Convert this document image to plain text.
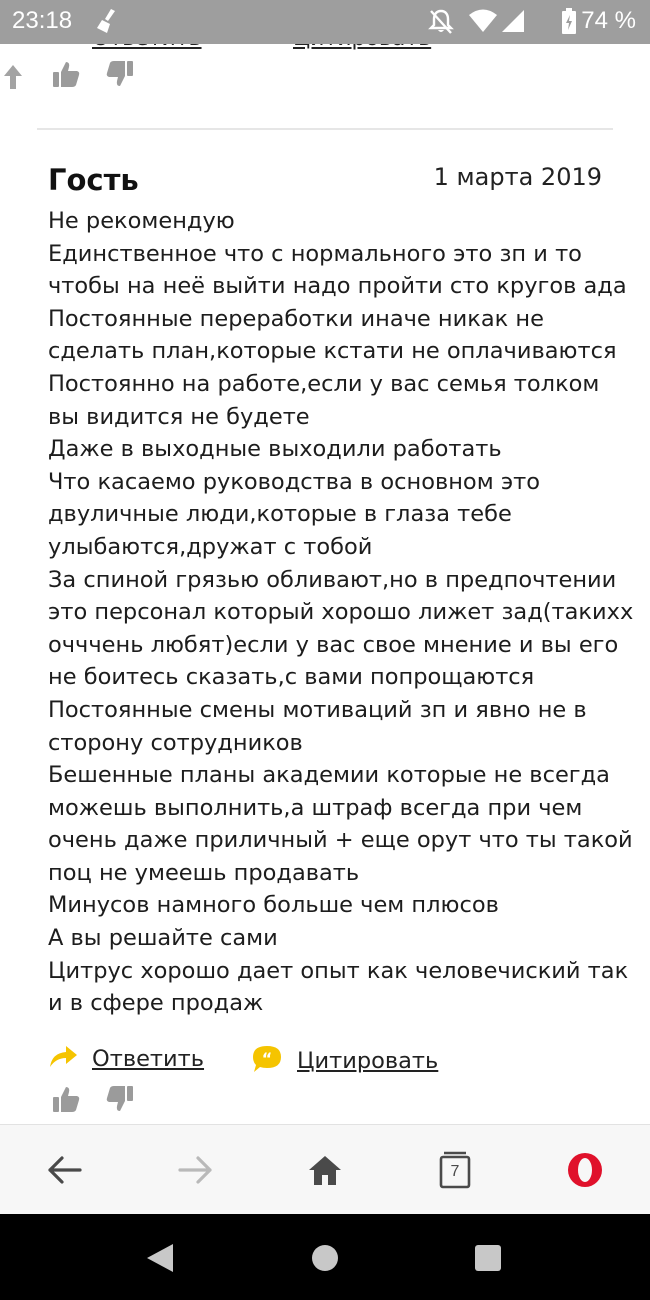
23:18	74 %
Гость	1 марта 2019
Не рекомендую
Единственное что с нормального это зп и то
чтобы на неё выйти надо пройти сто кругов ада
Постоянные переработки иначе никак не
сделать план,которые кстати не оплачиваются
Постоянно на работе,если у вас семья толком
вы видится не будете
Даже в выходные выходили работать
Что касаемо руководства в основном это
двуличные люди,которые в глаза тебе
улыбаются,дружат с тобой
За спиной грязью обливают,но в предпочтении
это персонал который хорошо лижет зад(такихх
очччень любят)если у вас свое мнение и вы его
не боитесь сказать,с вами попрощаются
Постоянные смены мотиваций зп и явно не в
сторону сотрудников
Бешенные планы академии которые не всегда
можешь выполнить,а штраф всегда при чем
очень даже приличный + еще орут что ты такой
поц не умеешь продавать
Минусов намного больше чем плюсов
А вы решайте сами
Цитрус хорошо дает опыт как человечиский так
и в сфере продаж
Ответить	“ Цитировать
7
